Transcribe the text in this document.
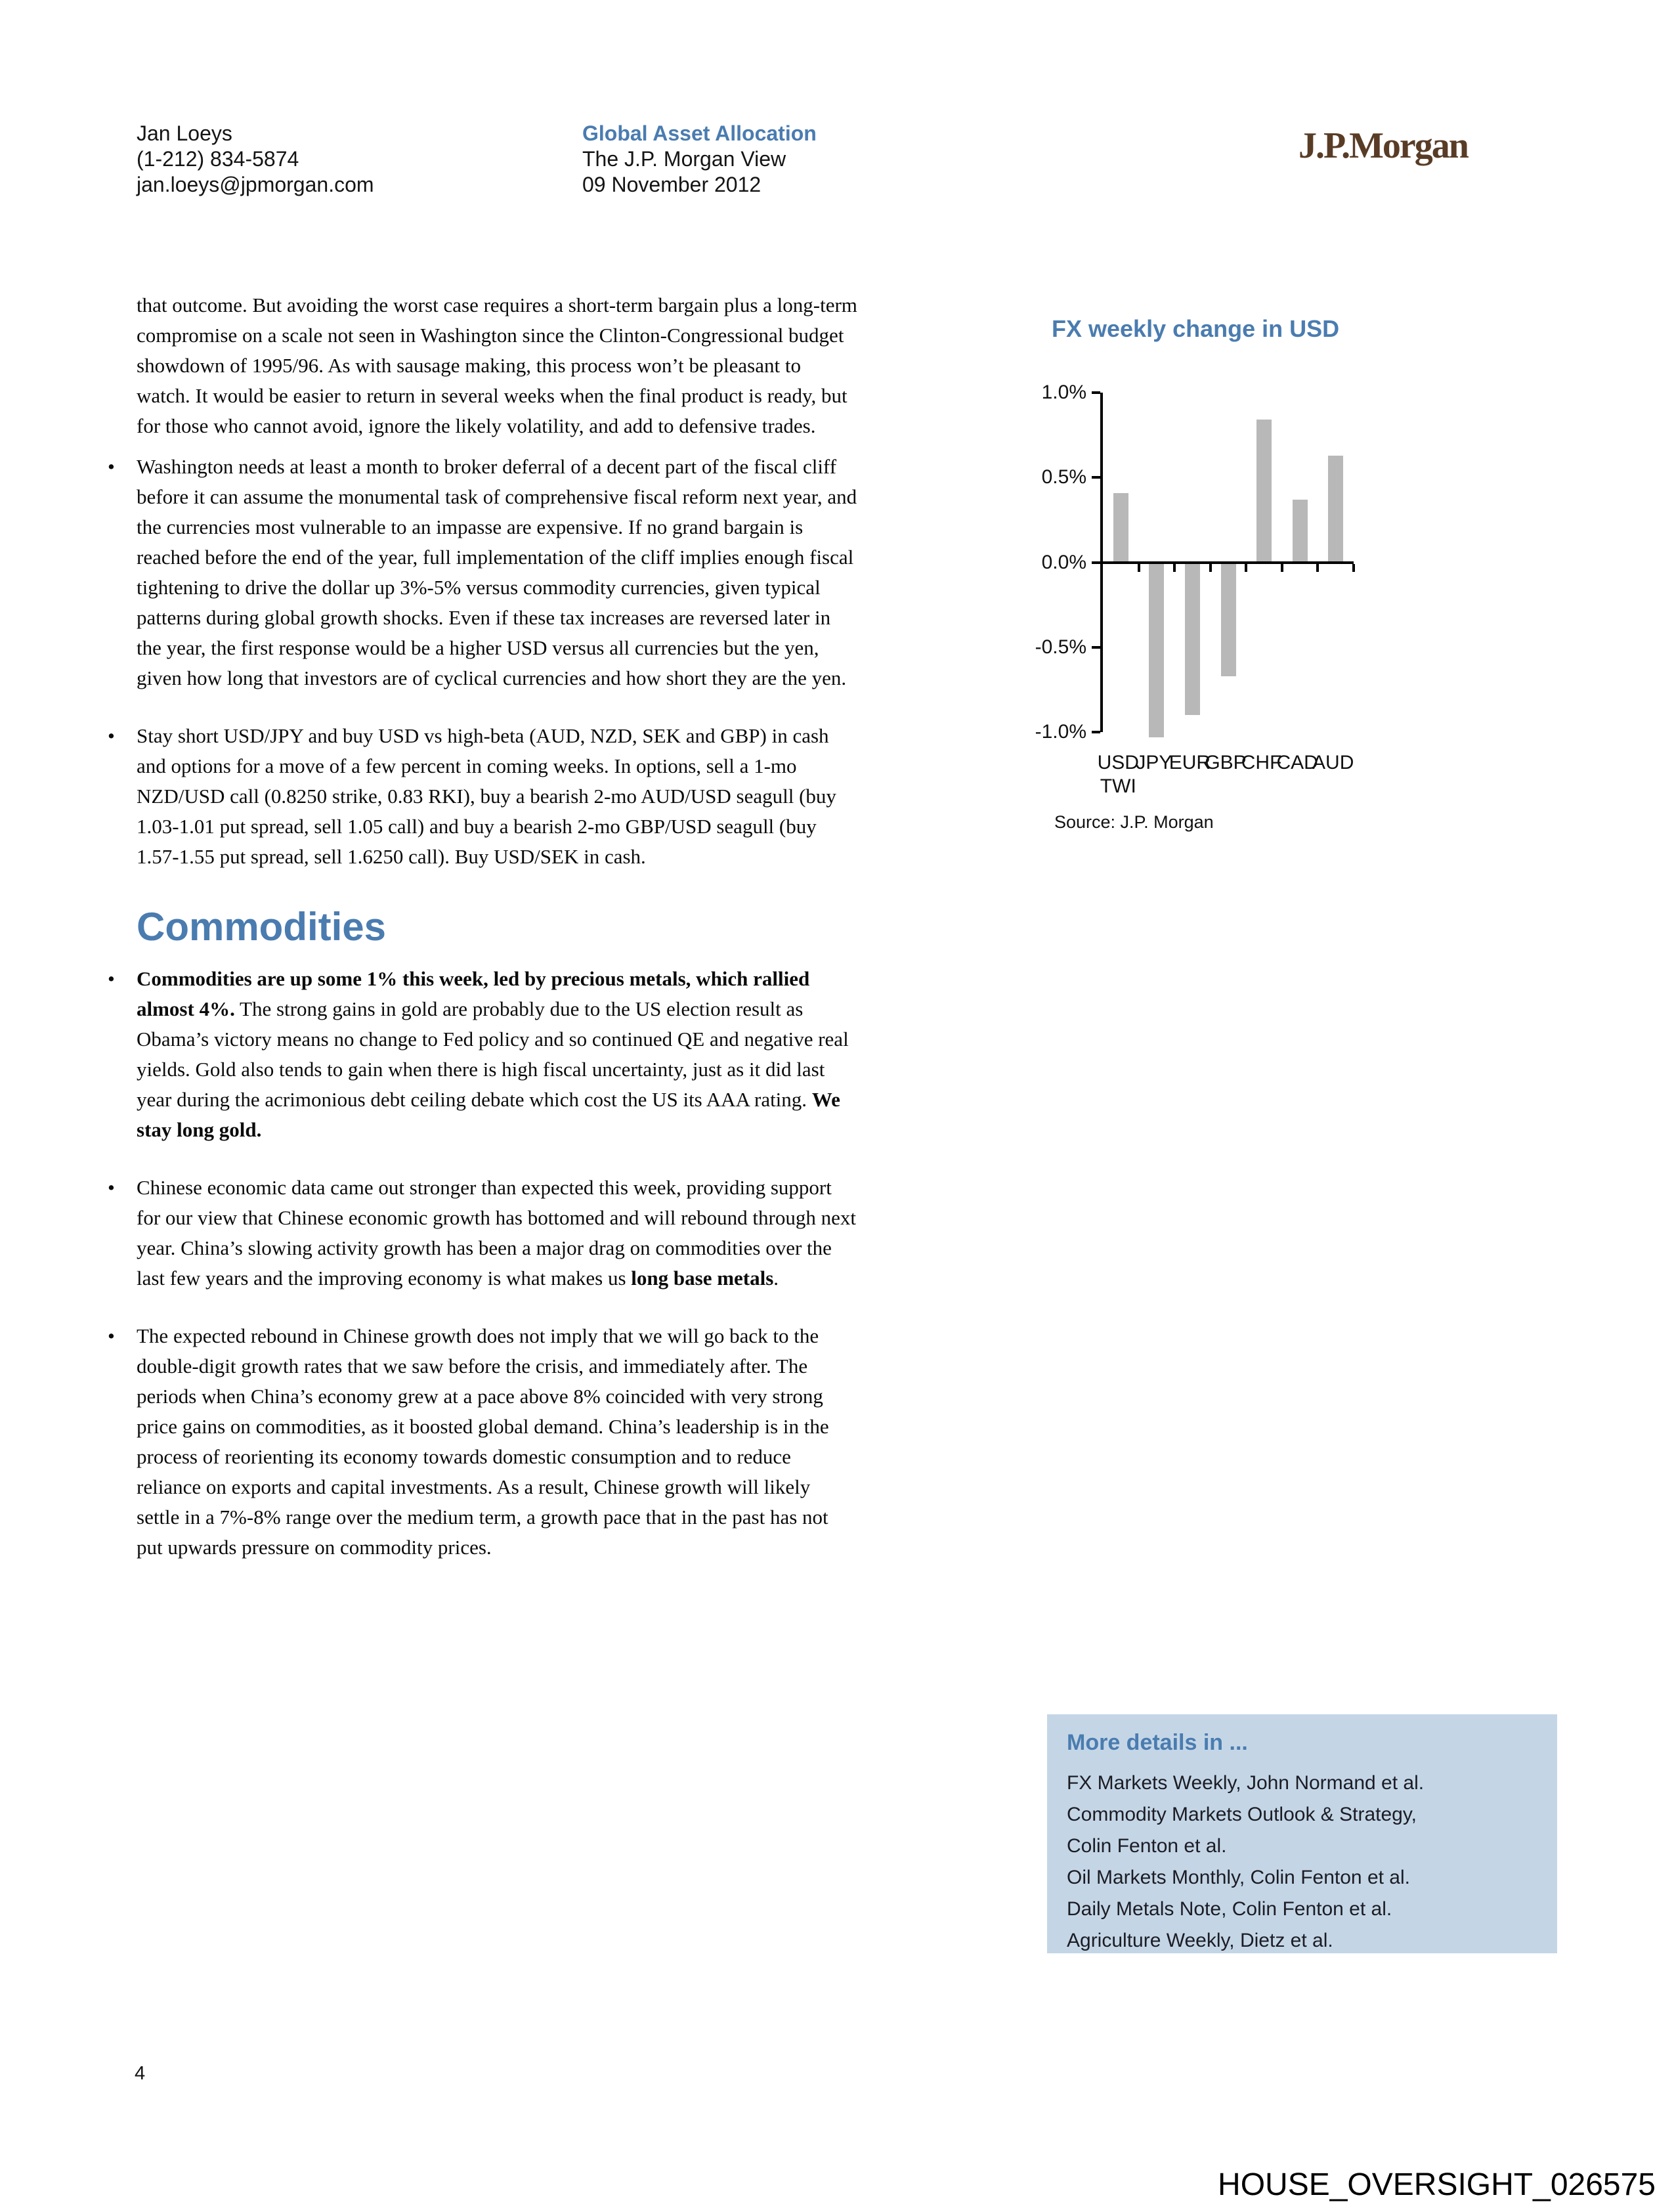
Jan Loeys
(1-212) 834-5874
jan.loeys@jpmorgan.com
Global Asset Allocation
The J.P. Morgan View
09 November 2012
J.P.Morgan

that outcome. But avoiding the worst case requires a short-term bargain plus a long-term compromise on a scale not seen in Washington since the Clinton-Congressional budget showdown of 1995/96. As with sausage making, this process won’t be pleasant to watch. It would be easier to return in several weeks when the final product is ready, but for those who cannot avoid, ignore the likely volatility, and add to defensive trades.

• Washington needs at least a month to broker deferral of a decent part of the fiscal cliff before it can assume the monumental task of comprehensive fiscal reform next year, and the currencies most vulnerable to an impasse are expensive. If no grand bargain is reached before the end of the year, full implementation of the cliff implies enough fiscal tightening to drive the dollar up 3%-5% versus commodity currencies, given typical patterns during global growth shocks. Even if these tax increases are reversed later in the year, the first response would be a higher USD versus all currencies but the yen, given how long that investors are of cyclical currencies and how short they are the yen.
• Stay short USD/JPY and buy USD vs high-beta (AUD, NZD, SEK and GBP) in cash and options for a move of a few percent in coming weeks. In options, sell a 1-mo NZD/USD call (0.8250 strike, 0.83 RKI), buy a bearish 2-mo AUD/USD seagull (buy 1.03-1.01 put spread, sell 1.05 call) and buy a bearish 2-mo GBP/USD seagull (buy 1.57-1.55 put spread, sell 1.6250 call). Buy USD/SEK in cash.
Commodities
• Commodities are up some 1% this week, led by precious metals, which rallied almost 4%. The strong gains in gold are probably due to the US election result as Obama’s victory means no change to Fed policy and so continued QE and negative real yields. Gold also tends to gain when there is high fiscal uncertainty, just as it did last year during the acrimonious debt ceiling debate which cost the US its AAA rating. We stay long gold.
• Chinese economic data came out stronger than expected this week, providing support for our view that Chinese economic growth has bottomed and will rebound through next year. China’s slowing activity growth has been a major drag on commodities over the last few years and the improving economy is what makes us long base metals.
• The expected rebound in Chinese growth does not imply that we will go back to the double-digit growth rates that we saw before the crisis, and immediately after. The periods when China’s economy grew at a pace above 8% coincided with very strong price gains on commodities, as it boosted global demand. China’s leadership is in the process of reorienting its economy towards domestic consumption and to reduce reliance on exports and capital investments. As a result, Chinese growth will likely settle in a 7%-8% range over the medium term, a growth pace that in the past has not put upwards pressure on commodity prices.
FX weekly change in USD
1.0%
0.5%
0.0%
-0.5%
-1.0%
USD
TWI
JPY
EUR
GBP
CHF
CAD
AUD
Source: J.P. Morgan
More details in ...
FX Markets Weekly, John Normand et al.
Commodity Markets Outlook & Strategy,
Colin Fenton et al.
Oil Markets Monthly, Colin Fenton et al.
Daily Metals Note, Colin Fenton et al.
Agriculture Weekly, Dietz et al.
4
HOUSE_OVERSIGHT_026575
